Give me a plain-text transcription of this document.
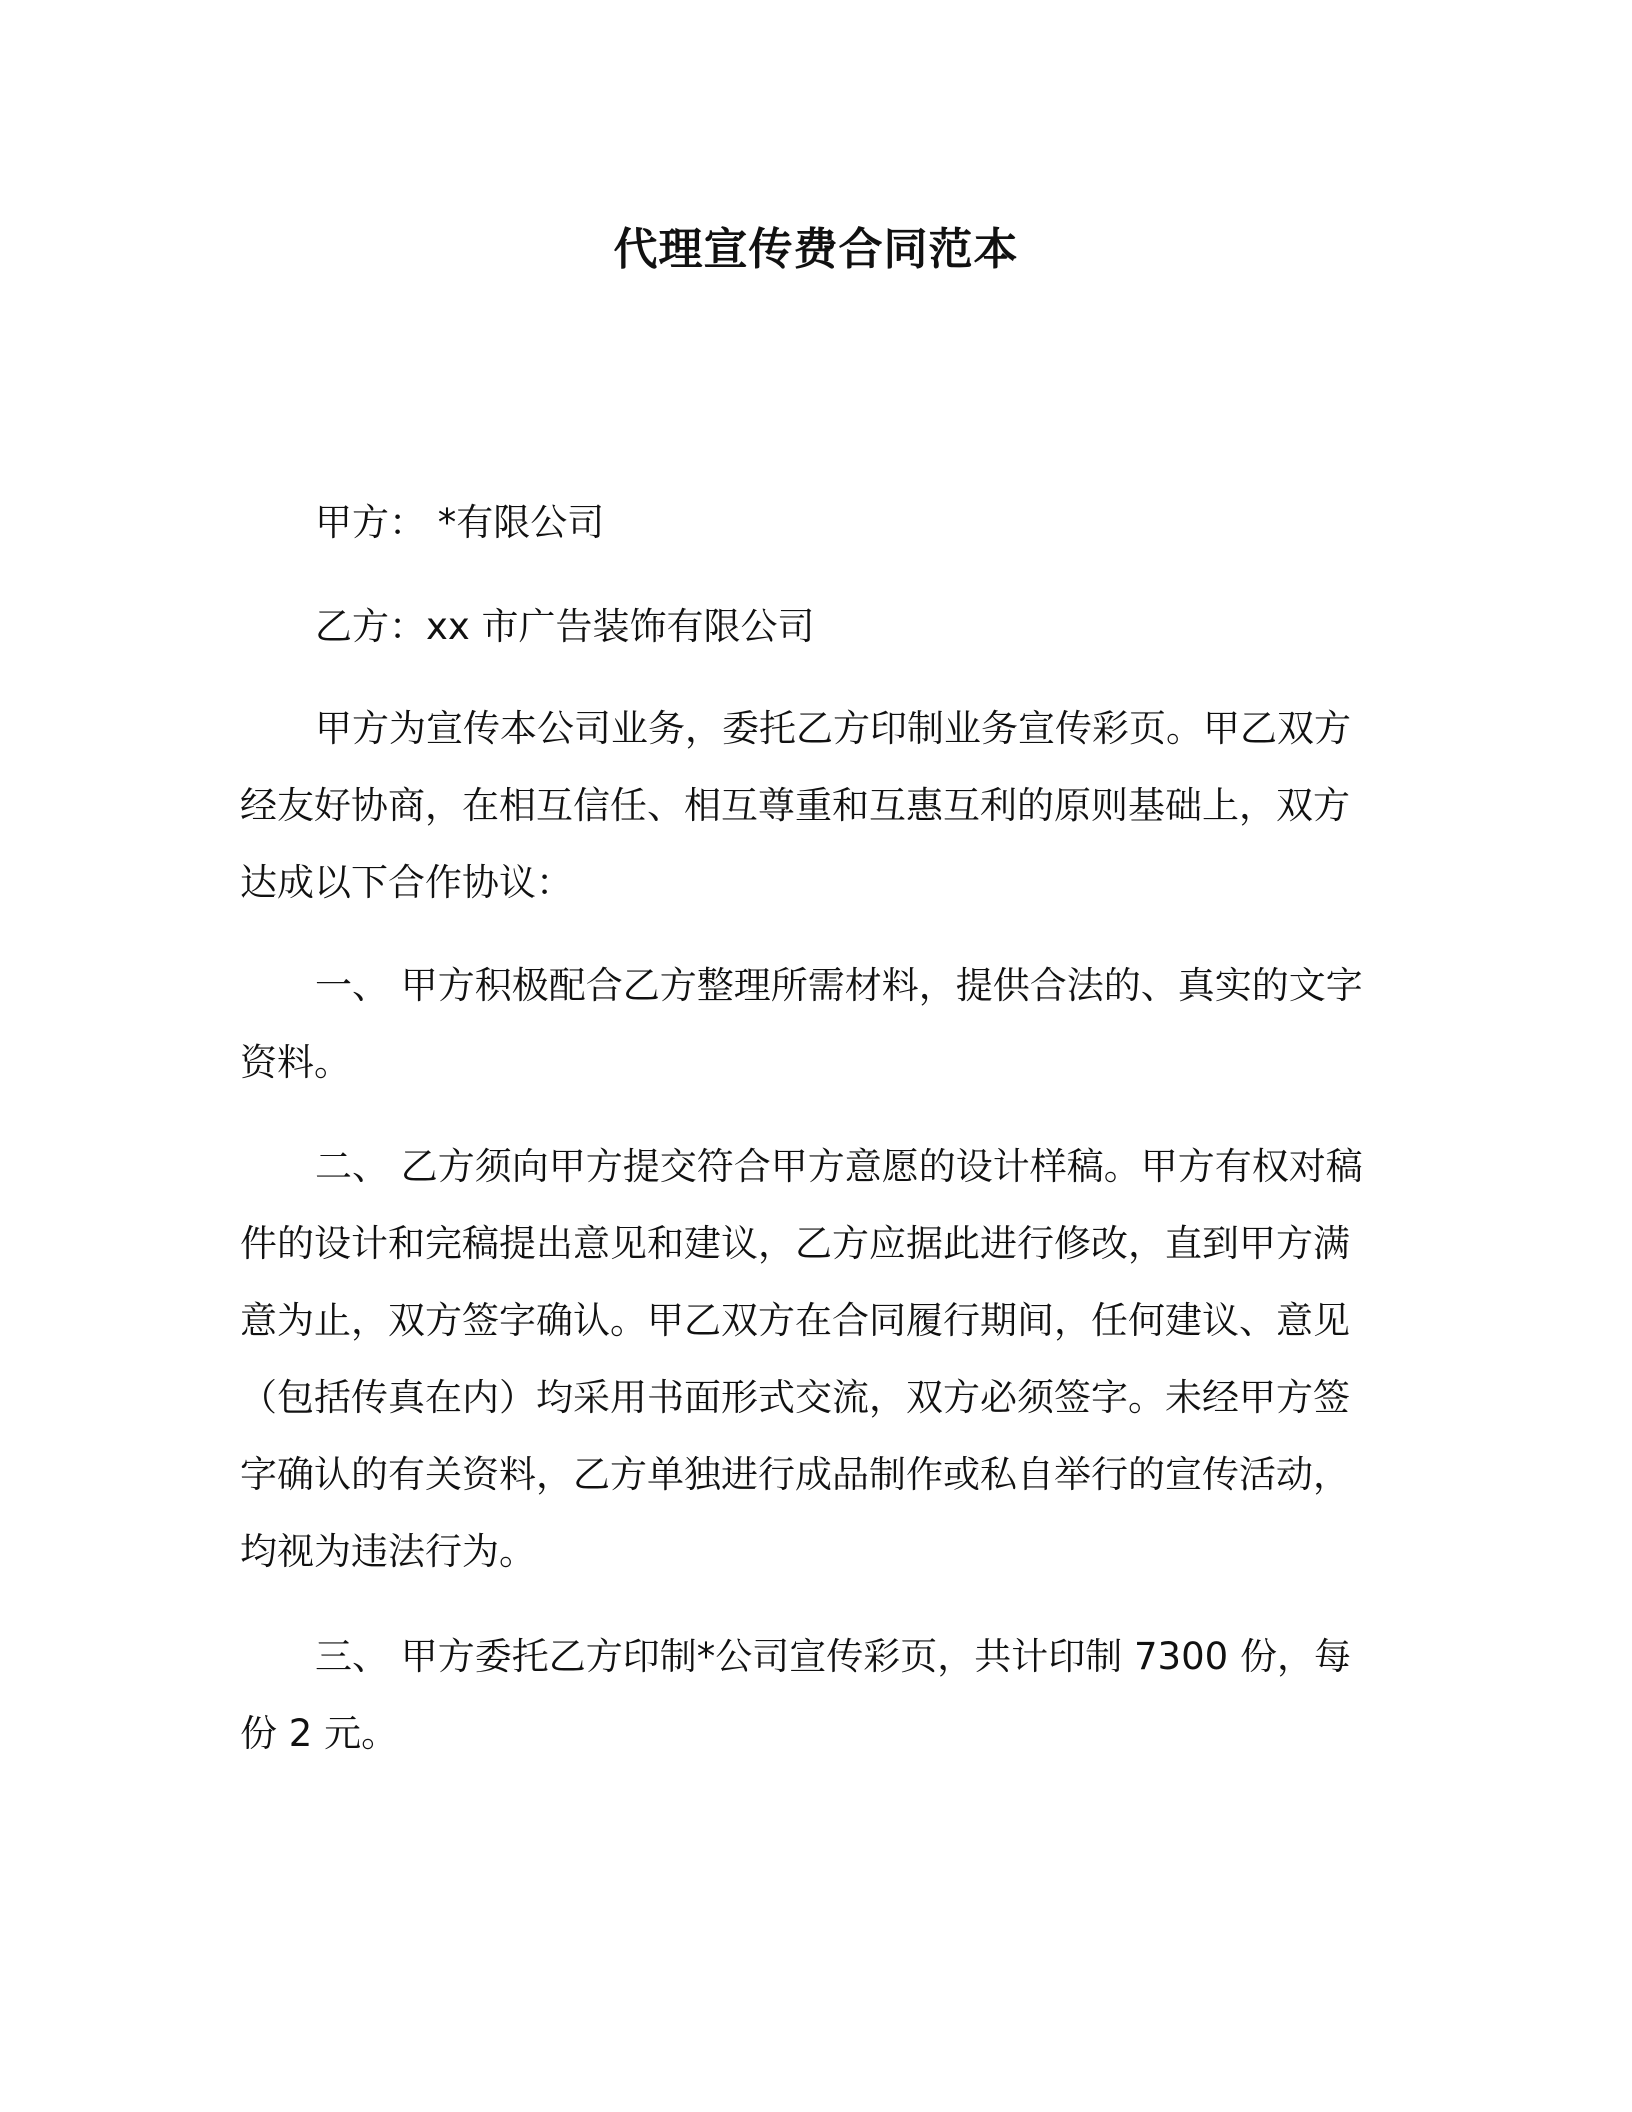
代理宣传费合同范本

甲方： *有限公司

乙方：xx 市广告装饰有限公司

甲方为宣传本公司业务，委托乙方印制业务宣传彩页。甲乙双方经友好协商，在相互信任、相互尊重和互惠互利的原则基础上，双方达成以下合作协议：

一、 甲方积极配合乙方整理所需材料，提供合法的、真实的文字资料。

二、 乙方须向甲方提交符合甲方意愿的设计样稿。甲方有权对稿件的设计和完稿提出意见和建议，乙方应据此进行修改，直到甲方满意为止，双方签字确认。甲乙双方在合同履行期间，任何建议、意见（包括传真在内）均采用书面形式交流，双方必须签字。未经甲方签字确认的有关资料，乙方单独进行成品制作或私自举行的宣传活动，均视为违法行为。

三、 甲方委托乙方印制*公司宣传彩页，共计印制 7300 份，每份 2 元。
